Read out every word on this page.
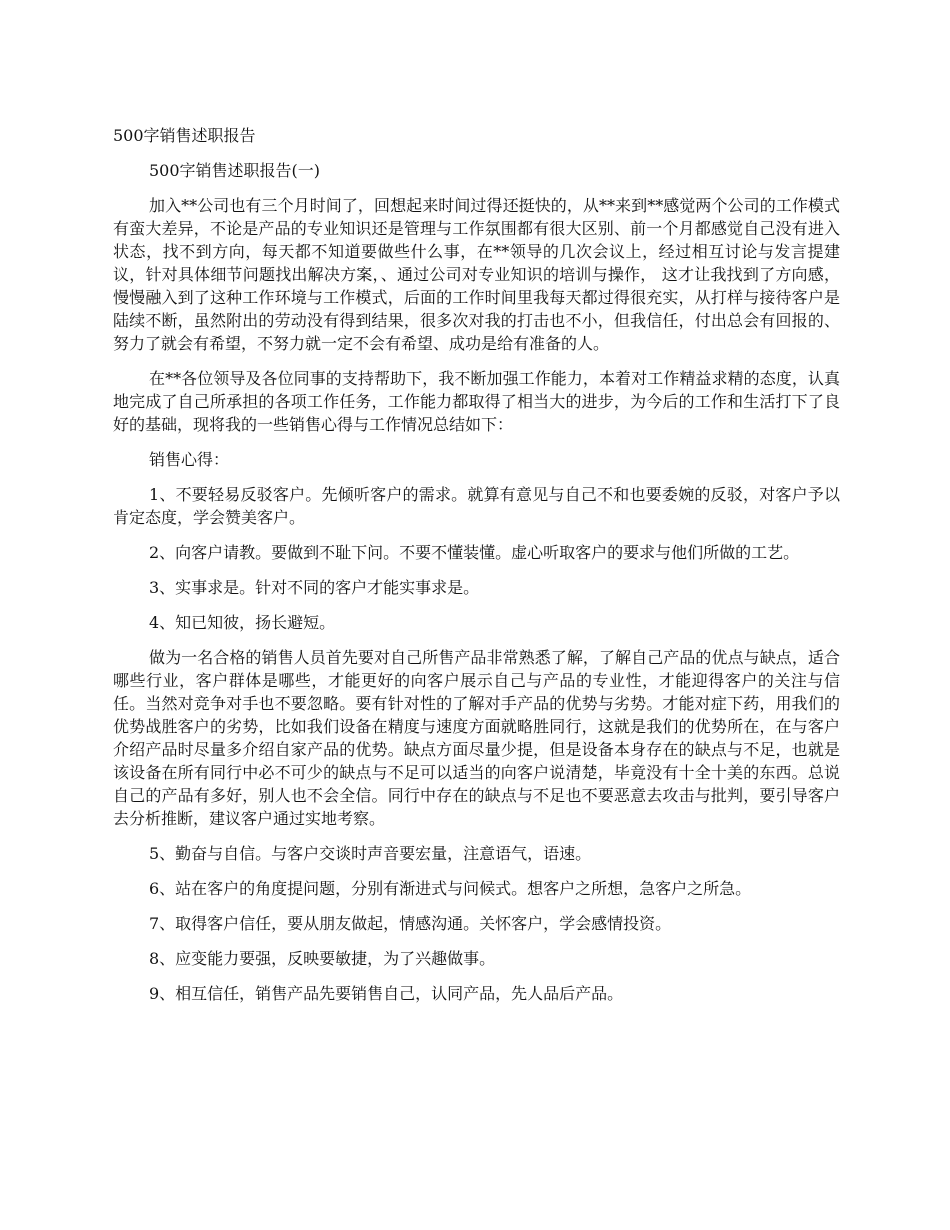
500字销售述职报告

500字销售述职报告(一)

加入**公司也有三个月时间了，回想起来时间过得还挺快的，从**来到**感觉两个公司的工作模式有蛮大差异，不论是产品的专业知识还是管理与工作氛围都有很大区别、前一个月都感觉自己没有进入状态，找不到方向，每天都不知道要做些什么事，在**领导的几次会议上，经过相互讨论与发言提建议，针对具体细节问题找出解决方案，、通过公司对专业知识的培训与操作， 这才让我找到了方向感，慢慢融入到了这种工作环境与工作模式，后面的工作时间里我每天都过得很充实，从打样与接待客户是陆续不断，虽然附出的劳动没有得到结果，很多次对我的打击也不小，但我信任，付出总会有回报的、努力了就会有希望，不努力就一定不会有希望、成功是给有准备的人。

在**各位领导及各位同事的支持帮助下，我不断加强工作能力，本着对工作精益求精的态度，认真地完成了自己所承担的各项工作任务，工作能力都取得了相当大的进步，为今后的工作和生活打下了良好的基础，现将我的一些销售心得与工作情况总结如下：

销售心得：

1、不要轻易反驳客户。先倾听客户的需求。就算有意见与自己不和也要委婉的反驳，对客户予以肯定态度，学会赞美客户。

2、向客户请教。要做到不耻下问。不要不懂装懂。虚心听取客户的要求与他们所做的工艺。

3、实事求是。针对不同的客户才能实事求是。

4、知已知彼，扬长避短。

做为一名合格的销售人员首先要对自己所售产品非常熟悉了解，了解自己产品的优点与缺点，适合哪些行业，客户群体是哪些，才能更好的向客户展示自己与产品的专业性，才能迎得客户的关注与信任。当然对竞争对手也不要忽略。要有针对性的了解对手产品的优势与劣势。才能对症下药，用我们的优势战胜客户的劣势，比如我们设备在精度与速度方面就略胜同行，这就是我们的优势所在，在与客户介绍产品时尽量多介绍自家产品的优势。缺点方面尽量少提，但是设备本身存在的缺点与不足，也就是该设备在所有同行中必不可少的缺点与不足可以适当的向客户说清楚，毕竟没有十全十美的东西。总说自己的产品有多好，别人也不会全信。同行中存在的缺点与不足也不要恶意去攻击与批判，要引导客户去分析推断，建议客户通过实地考察。

5、勤奋与自信。与客户交谈时声音要宏量，注意语气，语速。

6、站在客户的角度提问题，分别有渐进式与问候式。想客户之所想，急客户之所急。

7、取得客户信任，要从朋友做起，情感沟通。关怀客户，学会感情投资。

8、应变能力要强，反映要敏捷，为了兴趣做事。

9、相互信任，销售产品先要销售自己，认同产品，先人品后产品。
